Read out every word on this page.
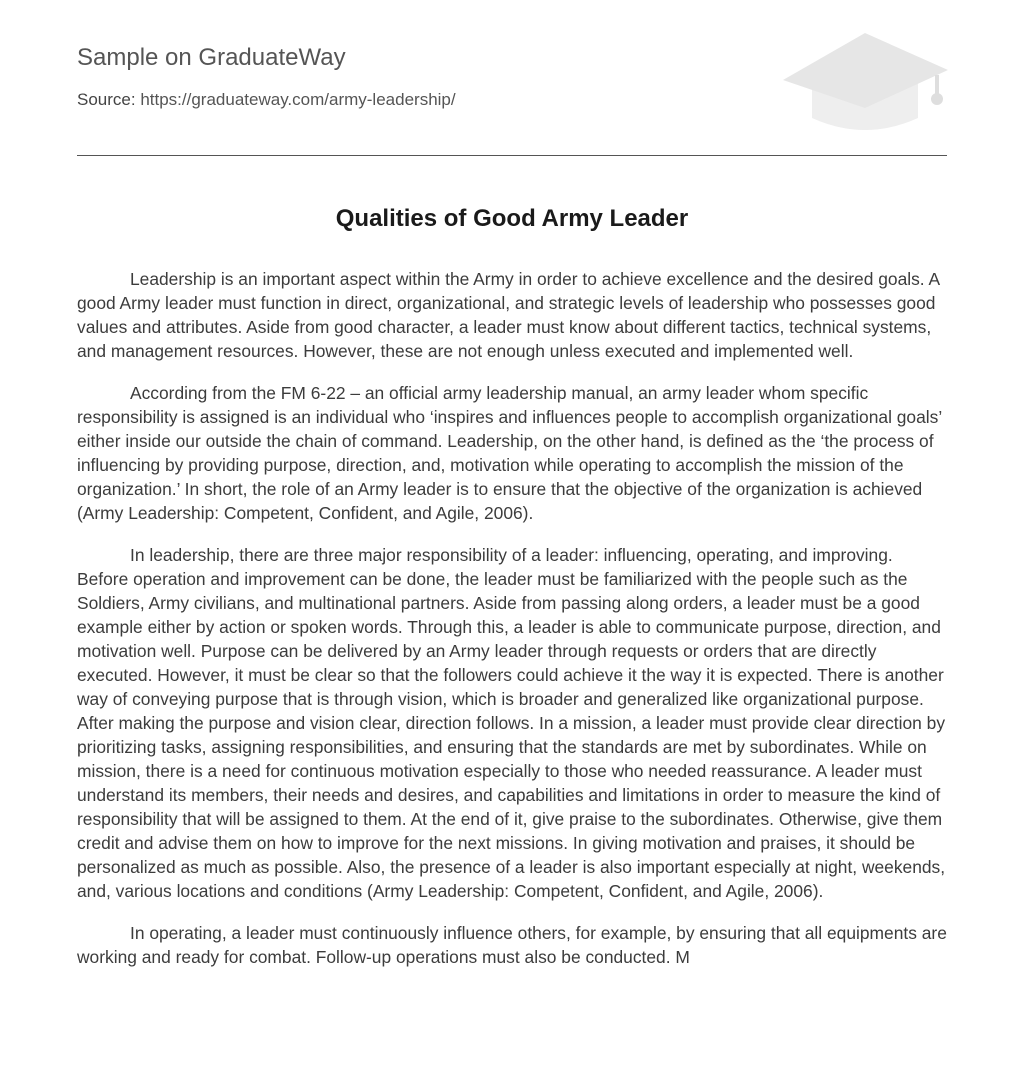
Sample on GraduateWay
Source: https://graduateway.com/army-leadership/
Qualities of Good Army Leader

Leadership is an important aspect within the Army in order to achieve excellence and the desired goals. A good Army leader must function in direct, organizational, and strategic levels of leadership who possesses good values and attributes. Aside from good character, a leader must know about different tactics, technical systems, and management resources. However, these are not enough unless executed and implemented well.

According from the FM 6-22 – an official army leadership manual, an army leader whom specific responsibility is assigned is an individual who ‘inspires and influences people to accomplish organizational goals’ either inside our outside the chain of command. Leadership, on the other hand, is defined as the ‘the process of influencing by providing purpose, direction, and, motivation while operating to accomplish the mission of the organization.’ In short, the role of an Army leader is to ensure that the objective of the organization is achieved (Army Leadership: Competent, Confident, and Agile, 2006).

In leadership, there are three major responsibility of a leader: influencing, operating, and improving. Before operation and improvement can be done, the leader must be familiarized with the people such as the Soldiers, Army civilians, and multinational partners. Aside from passing along orders, a leader must be a good example either by action or spoken words. Through this, a leader is able to communicate purpose, direction, and motivation well. Purpose can be delivered by an Army leader through requests or orders that are directly executed. However, it must be clear so that the followers could achieve it the way it is expected. There is another way of conveying purpose that is through vision, which is broader and generalized like organizational purpose. After making the purpose and vision clear, direction follows. In a mission, a leader must provide clear direction by prioritizing tasks, assigning responsibilities, and ensuring that the standards are met by subordinates. While on mission, there is a need for continuous motivation especially to those who needed reassurance. A leader must understand its members, their needs and desires, and capabilities and limitations in order to measure the kind of responsibility that will be assigned to them. At the end of it, give praise to the subordinates. Otherwise, give them credit and advise them on how to improve for the next missions. In giving motivation and praises, it should be personalized as much as possible. Also, the presence of a leader is also important especially at night, weekends, and, various locations and conditions (Army Leadership: Competent, Confident, and Agile, 2006).

In operating, a leader must continuously influence others, for example, by ensuring that all equipments are working and ready for combat. Follow-up operations must also be conducted. M
